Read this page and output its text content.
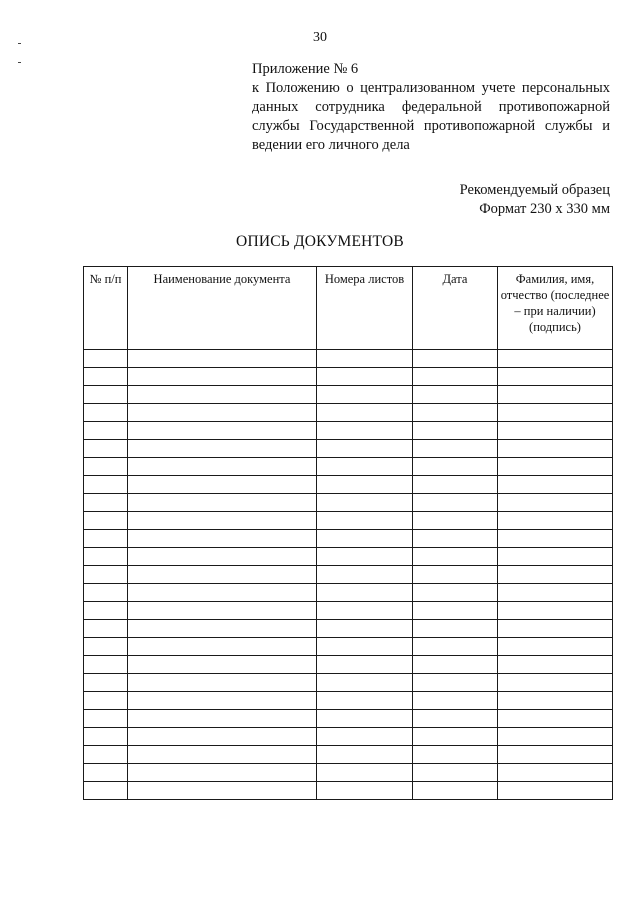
30
Приложение № 6
к Положению о централизованном учете персональных данных сотрудника федеральной противопожарной службы Государственной противопожарной службы и ведении его личного дела
Рекомендуемый образец
Формат 230 х 330 мм
ОПИСЬ ДОКУМЕНТОВ
№ п/п	Наименование документа	Номера листов	Дата	Фамилия, имя, отчество (последнее – при наличии) (подпись)
